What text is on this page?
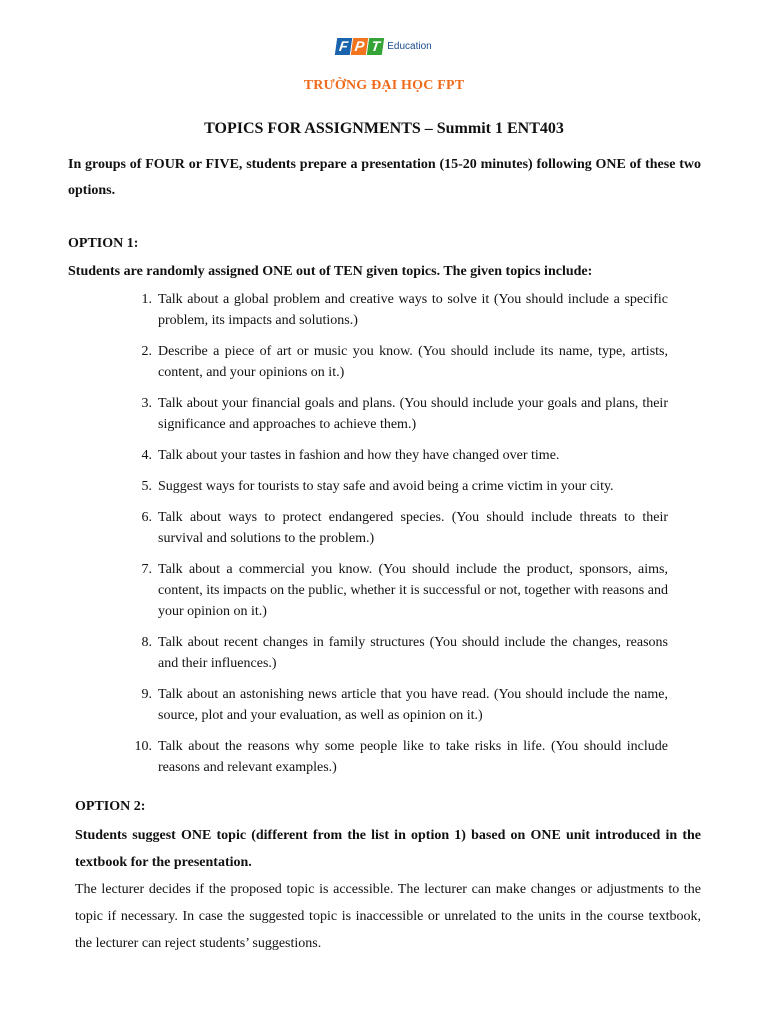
F P T Education
TRƯỜNG ĐẠI HỌC FPT
TOPICS FOR ASSIGNMENTS – Summit 1 ENT403
In groups of FOUR or FIVE, students prepare a presentation (15-20 minutes) following ONE of these two options.
OPTION 1:
Students are randomly assigned ONE out of TEN given topics. The given topics include:
1. Talk about a global problem and creative ways to solve it (You should include a specific problem, its impacts and solutions.)
2. Describe a piece of art or music you know. (You should include its name, type, artists, content, and your opinions on it.)
3. Talk about your financial goals and plans. (You should include your goals and plans, their significance and approaches to achieve them.)
4. Talk about your tastes in fashion and how they have changed over time.
5. Suggest ways for tourists to stay safe and avoid being a crime victim in your city.
6. Talk about ways to protect endangered species. (You should include threats to their survival and solutions to the problem.)
7. Talk about a commercial you know. (You should include the product, sponsors, aims, content, its impacts on the public, whether it is successful or not, together with reasons and your opinion on it.)
8. Talk about recent changes in family structures (You should include the changes, reasons and their influences.)
9. Talk about an astonishing news article that you have read. (You should include the name, source, plot and your evaluation, as well as opinion on it.)
10. Talk about the reasons why some people like to take risks in life. (You should include reasons and relevant examples.)
OPTION 2:
Students suggest ONE topic (different from the list in option 1) based on ONE unit introduced in the textbook for the presentation.
The lecturer decides if the proposed topic is accessible. The lecturer can make changes or adjustments to the topic if necessary. In case the suggested topic is inaccessible or unrelated to the units in the course textbook, the lecturer can reject students’ suggestions.
